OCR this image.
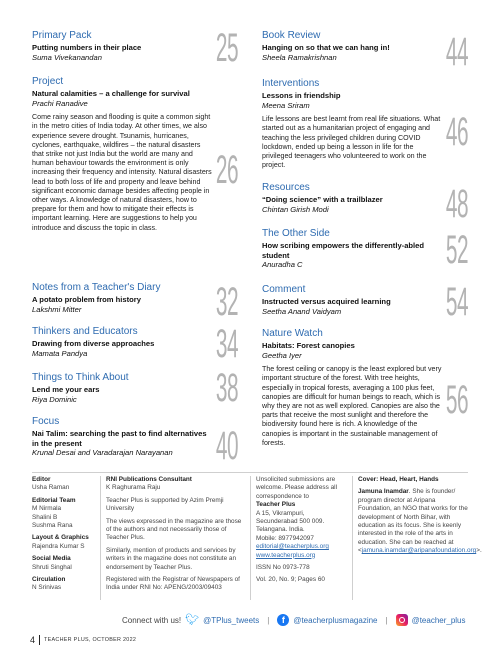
Primary Pack
Putting numbers in their place
Suma Vivekanandan	25
Project
Natural calamities – a challenge for survival
Prachi Ranadive
Come rainy season and flooding is quite a common sight in the metro cities of India today. At other times, we also experience severe drought. Tsunamis, hurricanes, cyclones, earthquake, wildfires – the natural disasters that strike not just India but the world are many and human behaviour towards the environment is only increasing their frequency and intensity. Natural disasters lead to both loss of life and property and leave behind significant economic damage besides affecting people in other ways. A knowledge of natural disasters, how to prepare for them and how to mitigate their effects is important learning. Here are suggestions to help you introduce and discuss the topic in class.
26
Notes from a Teacher's Diary
A potato problem from history
Lakshmi Mitter	32
Thinkers and Educators
Drawing from diverse approaches
Mamata Pandya	34
Things to Think About
Lend me your ears
Riya Dominic	38
Focus
Nai Talim: searching the past to find alternatives in the present
Krunal Desai and Varadarajan Narayanan	40
Book Review
Hanging on so that we can hang in!
Sheela Ramakrishnan	44
Interventions
Lessons in friendship
Meena Sriram
Life lessons are best learnt from real life situations. What started out as a humanitarian project of engaging and teaching the less privileged children during COVID lockdown, ended up being a lesson in life for the privileged teenagers who volunteered to work on the project.
46
Resources
“Doing science” with a trailblazer
Chintan Girish Modi	48
The Other Side
How scribing empowers the differently-abled student
Anuradha C	52
Comment
Instructed versus acquired learning
Seetha Anand Vaidyam	54
Nature Watch
Habitats: Forest canopies
Geetha Iyer
The forest ceiling or canopy is the least explored but very important structure of the forest. With tree heights, especially in tropical forests, averaging a 100 plus feet, canopies are difficult for human beings to reach, which is why they are not as well explored. Canopies are also the parts that receive the most sunlight and therefore the biodiversity found here is rich. A knowledge of the canopies is important in the sustainable management of forests.
56
Editor
Usha Raman
Editorial Team
M Nirmala
Shalini B
Sushma Rana
Layout & Graphics
Rajendra Kumar S
Social Media
Shruti Singhal
Circulation
N Srinivas
RNI Publications Consultant
K Raghurama Raju
Teacher Plus is supported by Azim Premji University
The views expressed in the magazine are those of the authors and not necessarily those of Teacher Plus.
Similarly, mention of products and services by writers in the magazine does not constitute an endorsement by Teacher Plus.
Registered with the Registrar of Newspapers of India under RNI No: APENG/2003/09403
Unsolicited submissions are welcome. Please address all correspondence to
Teacher Plus
A 15, Vikrampuri,
Secunderabad 500 009.
Telangana. India.
Mobile: 8977942097
editorial@teacherplus.org
www.teacherplus.org
ISSN No 0973-778
Vol. 20, No. 9; Pages 60
Cover: Head, Heart, Hands
Jamuna Inamdar. She is founder/ program director at Aripana Foundation, an NGO that works for the development of North Bihar, with education as its focus. She is keenly interested in the role of the arts in education. She can be reached at <jamuna.inamdar@aripanafoundation.org>.
Connect with us! 🐦︎ @TPlus_tweets |	f	@teacherplusmagazine |	@teacher_plus
4 TEACHER PLUS, OCTOBER 2022
